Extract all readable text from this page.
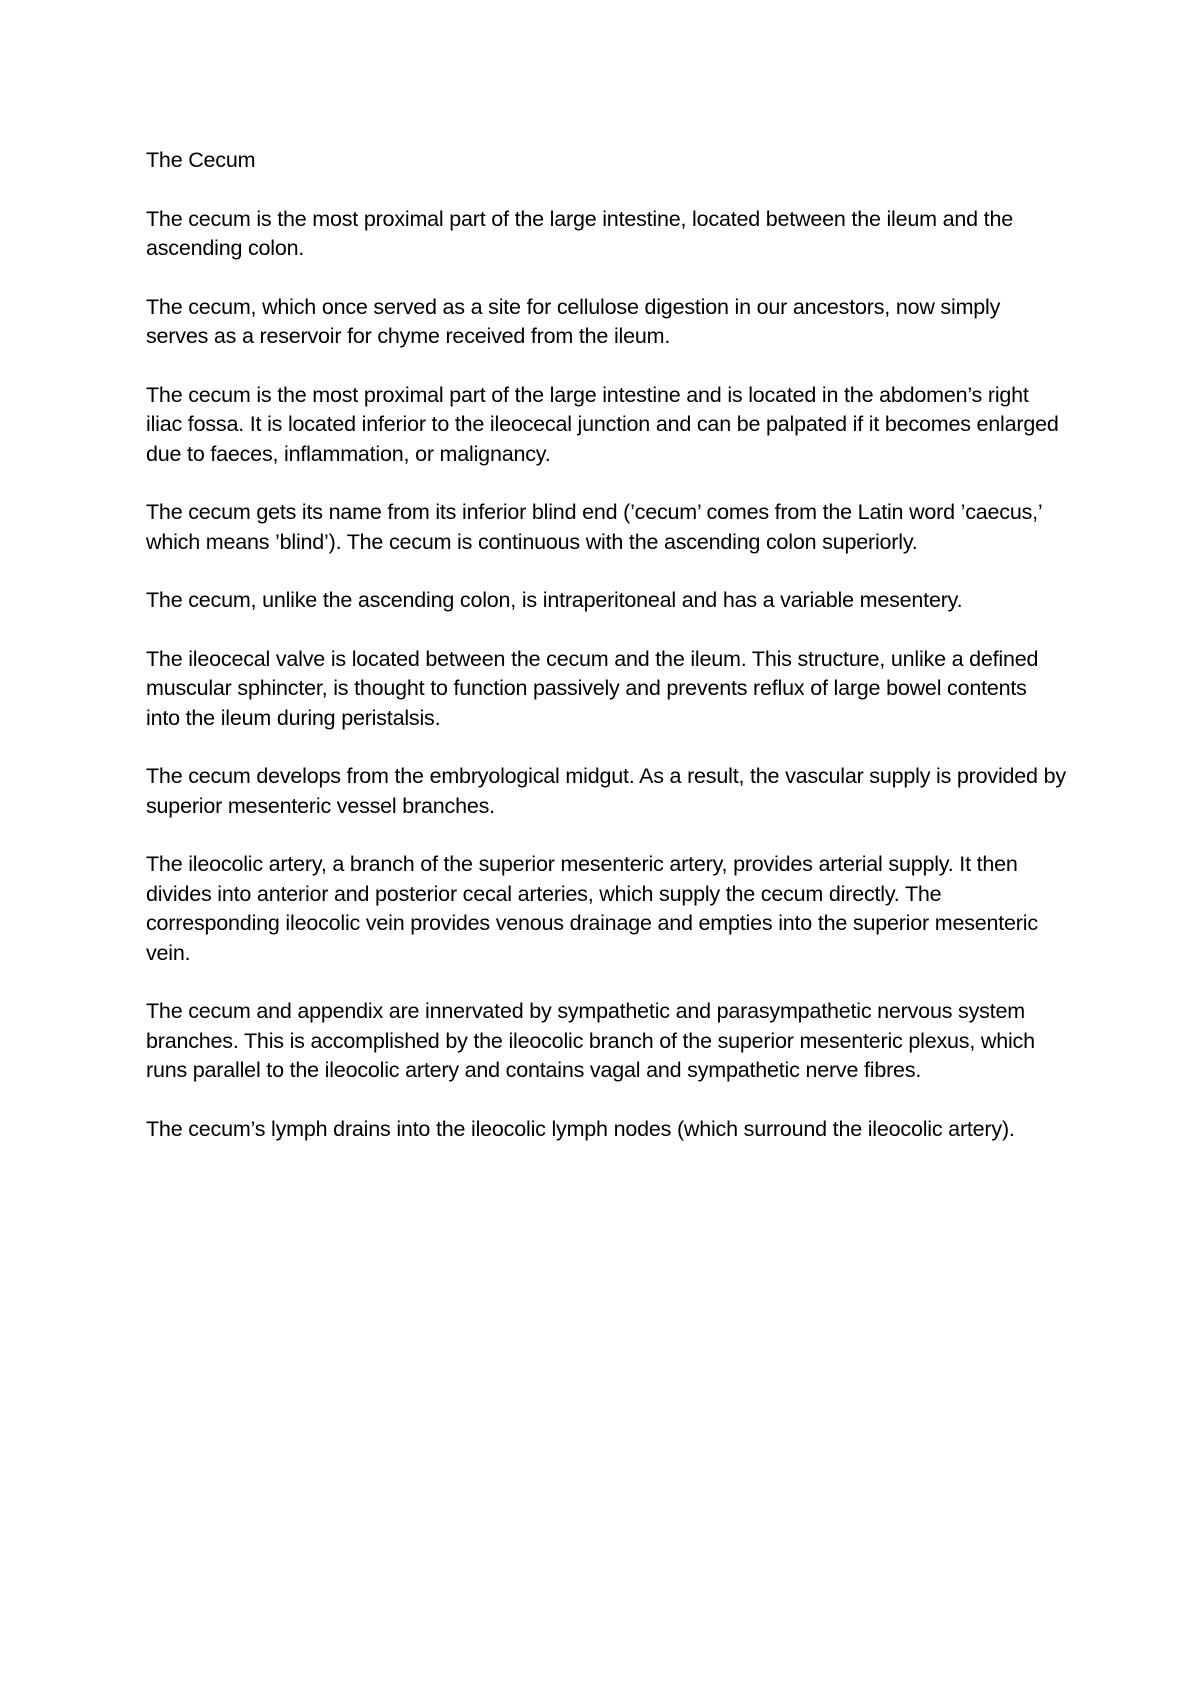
The Cecum

The cecum is the most proximal part of the large intestine, located between the ileum and the ascending colon.

The cecum, which once served as a site for cellulose digestion in our ancestors, now simply serves as a reservoir for chyme received from the ileum.

The cecum is the most proximal part of the large intestine and is located in the abdomen’s right iliac fossa. It is located inferior to the ileocecal junction and can be palpated if it becomes enlarged due to faeces, inflammation, or malignancy.

The cecum gets its name from its inferior blind end (’cecum’ comes from the Latin word ’caecus,’ which means ’blind’). The cecum is continuous with the ascending colon superiorly.

The cecum, unlike the ascending colon, is intraperitoneal and has a variable mesentery.

The ileocecal valve is located between the cecum and the ileum. This structure, unlike a defined muscular sphincter, is thought to function passively and prevents reflux of large bowel contents into the ileum during peristalsis.

The cecum develops from the embryological midgut. As a result, the vascular supply is provided by superior mesenteric vessel branches.

The ileocolic artery, a branch of the superior mesenteric artery, provides arterial supply. It then divides into anterior and posterior cecal arteries, which supply the cecum directly. The corresponding ileocolic vein provides venous drainage and empties into the superior mesenteric vein.

The cecum and appendix are innervated by sympathetic and parasympathetic nervous system branches. This is accomplished by the ileocolic branch of the superior mesenteric plexus, which runs parallel to the ileocolic artery and contains vagal and sympathetic nerve fibres.

The cecum’s lymph drains into the ileocolic lymph nodes (which surround the ileocolic artery).
